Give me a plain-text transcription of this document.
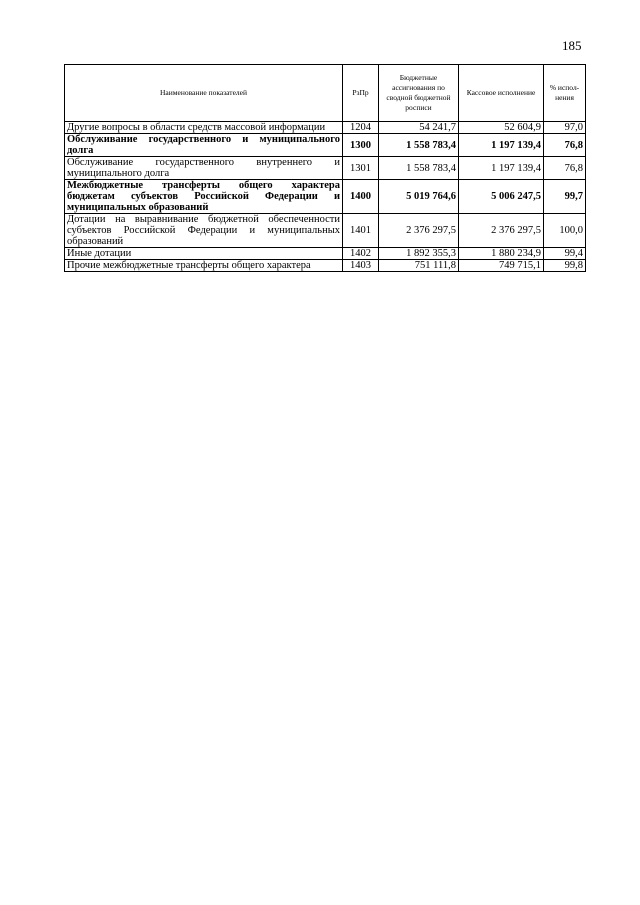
185
Наименование показателей	РзПр	Бюджетные ассигнования по сводной бюджетной росписи	Кассовое исполнение	% испол-нения
Другие вопросы в области средств массовой информации	1204	54 241,7	52 604,9	97,0
Обслуживание государственного и муниципального долга	1300	1 558 783,4	1 197 139,4	76,8
Обслуживание государственного внутреннего и муниципального долга	1301	1 558 783,4	1 197 139,4	76,8
Межбюджетные трансферты общего характера бюджетам субъектов Российской Федерации и муниципальных образований	1400	5 019 764,6	5 006 247,5	99,7
Дотации на выравнивание бюджетной обеспеченности субъектов Российской Федерации и муниципальных образований	1401	2 376 297,5	2 376 297,5	100,0
Иные дотации	1402	1 892 355,3	1 880 234,9	99,4
Прочие межбюджетные трансферты общего характера	1403	751 111,8	749 715,1	99,8
